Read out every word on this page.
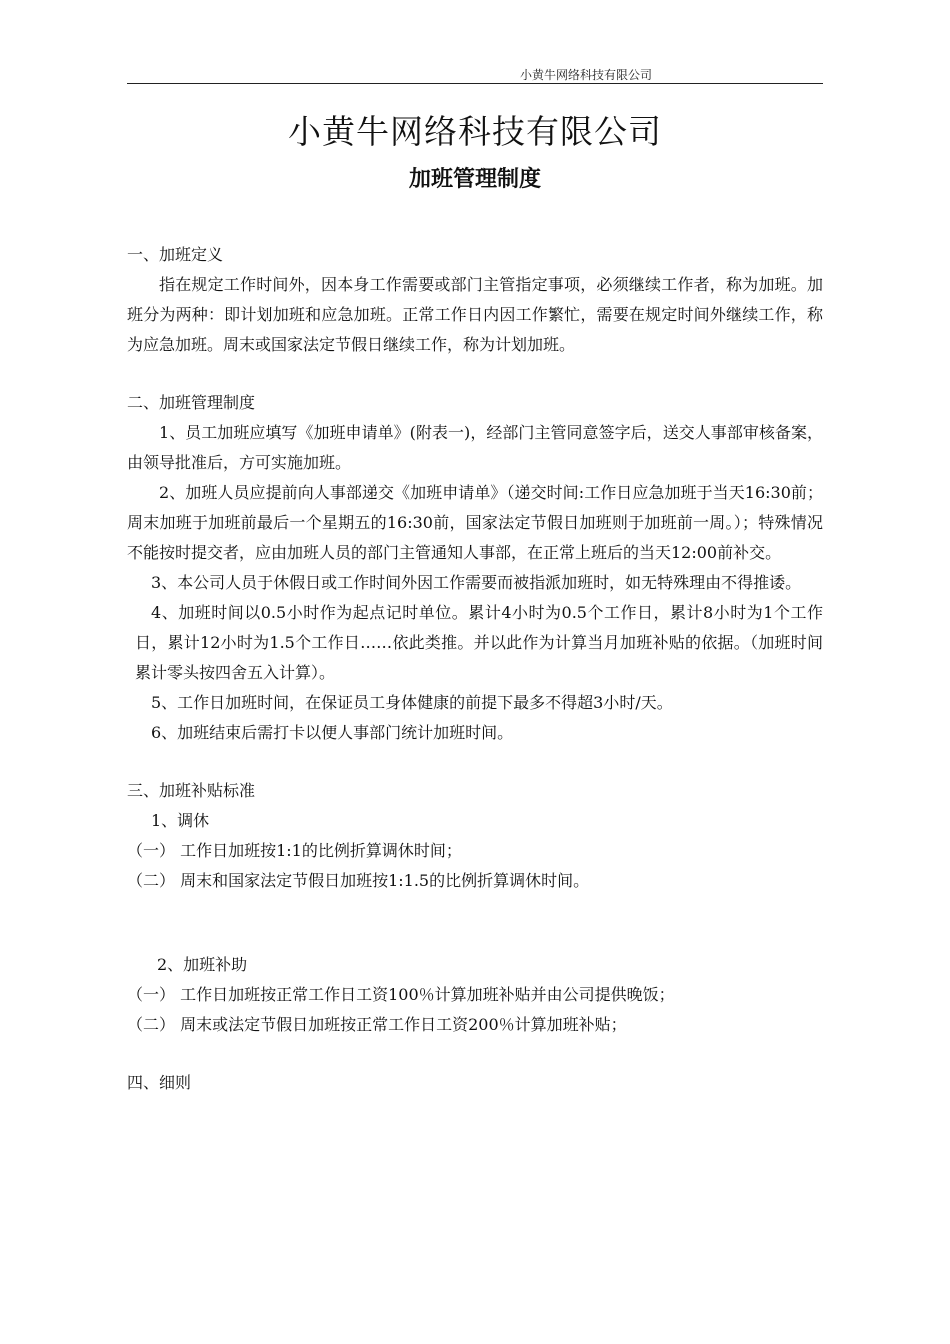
小黄牛网络科技有限公司
小黄牛网络科技有限公司
加班管理制度

一、加班定义

指在规定工作时间外，因本身工作需要或部门主管指定事项，必须继续工作者，称为加班。加班分为两种：即计划加班和应急加班。正常工作日内因工作繁忙，需要在规定时间外继续工作，称为应急加班。周末或国家法定节假日继续工作，称为计划加班。

二、加班管理制度

1、员工加班应填写《加班申请单》(附表一)，经部门主管同意签字后，送交人事部审核备案，由领导批准后，方可实施加班。

2、加班人员应提前向人事部递交《加班申请单》（递交时间:工作日应急加班于当天16:30前；周末加班于加班前最后一个星期五的16:30前，国家法定节假日加班则于加班前一周。）；特殊情况不能按时提交者，应由加班人员的部门主管通知人事部，在正常上班后的当天12:00前补交。

3、本公司人员于休假日或工作时间外因工作需要而被指派加班时，如无特殊理由不得推诿。

4、加班时间以0.5小时作为起点记时单位。累计4小时为0.5个工作日，累计8小时为1个工作日，累计12小时为1.5个工作日……依此类推。并以此作为计算当月加班补贴的依据。（加班时间累计零头按四舍五入计算）。

5、工作日加班时间，在保证员工身体健康的前提下最多不得超3小时/天。

6、加班结束后需打卡以便人事部门统计加班时间。

三、加班补贴标准

1、调休

（一） 工作日加班按1:1的比例折算调休时间；

（二） 周末和国家法定节假日加班按1:1.5的比例折算调休时间。

2、加班补助

（一） 工作日加班按正常工作日工资100％计算加班补贴并由公司提供晚饭；

（二） 周末或法定节假日加班按正常工作日工资200％计算加班补贴；

四、细则
